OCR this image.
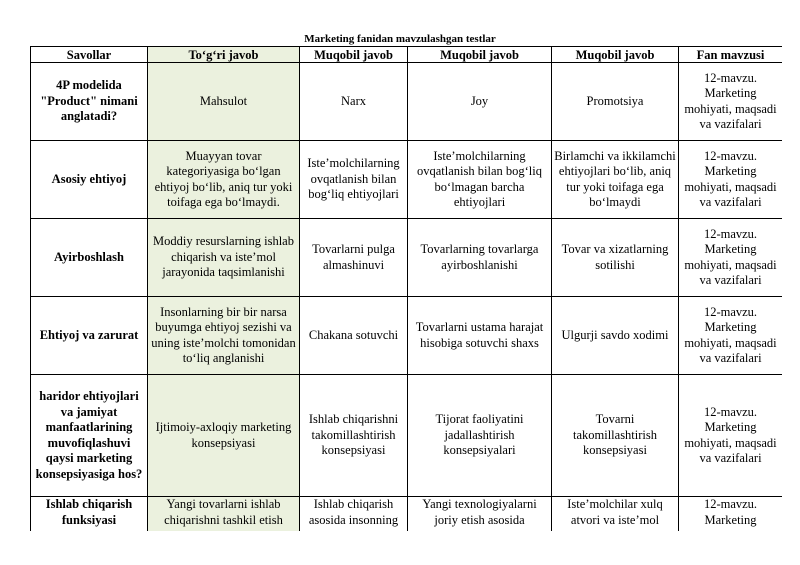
Marketing fanidan mavzulashgan testlar
Savollar	To‘g‘ri javob	Muqobil javob	Muqobil javob	Muqobil javob	Fan mavzusi
4P modelida "Product" nimani anglatadi?	Mahsulot	Narx	Joy	Promotsiya	12-mavzu. Marketing mohiyati, maqsadi va vazifalari
Asosiy ehtiyoj	Muayyan tovar kategoriyasiga bo‘lgan ehtiyoj bo‘lib, aniq tur yoki toifaga ega bo‘lmaydi.	Iste’molchilarning ovqatlanish bilan bog‘liq ehtiyojlari	Iste’molchilarning ovqatlanish bilan bog‘liq bo‘lmagan barcha ehtiyojlari	Birlamchi va ikkilamchi ehtiyojlari bo‘lib, aniq tur yoki toifaga ega bo‘lmaydi	12-mavzu. Marketing mohiyati, maqsadi va vazifalari
Ayirboshlash	Moddiy resurslarning ishlab chiqarish va iste’mol jarayonida taqsimlanishi	Tovarlarni pulga almashinuvi	Tovarlarning tovarlarga ayirboshlanishi	Tovar va xizatlarning sotilishi	12-mavzu. Marketing mohiyati, maqsadi va vazifalari
Ehtiyoj va zarurat	Insonlarning bir bir narsa buyumga ehtiyoj sezishi va uning iste’molchi tomonidan to‘liq anglanishi	Chakana sotuvchi	Tovarlarni ustama harajat hisobiga sotuvchi shaxs	Ulgurji savdo xodimi	12-mavzu. Marketing mohiyati, maqsadi va vazifalari
haridor ehtiyojlari va jamiyat manfaatlarining muvofiqlashuvi qaysi marketing konsepsiyasiga hos?	Ijtimoiy-axloqiy marketing konsepsiyasi	Ishlab chiqarishni takomillashtirish konsepsiyasi	Tijorat faoliyatini jadallashtirish konsepsiyalari	Tovarni takomillashtirish konsepsiyasi	12-mavzu. Marketing mohiyati, maqsadi va vazifalari
Ishlab chiqarish funksiyasi	Yangi tovarlarni ishlab chiqarishni tashkil etish	Ishlab chiqarish asosida insonning	Yangi texnologiyalarni joriy etish asosida	Iste’molchilar xulq atvori va iste’mol	12-mavzu. Marketing
